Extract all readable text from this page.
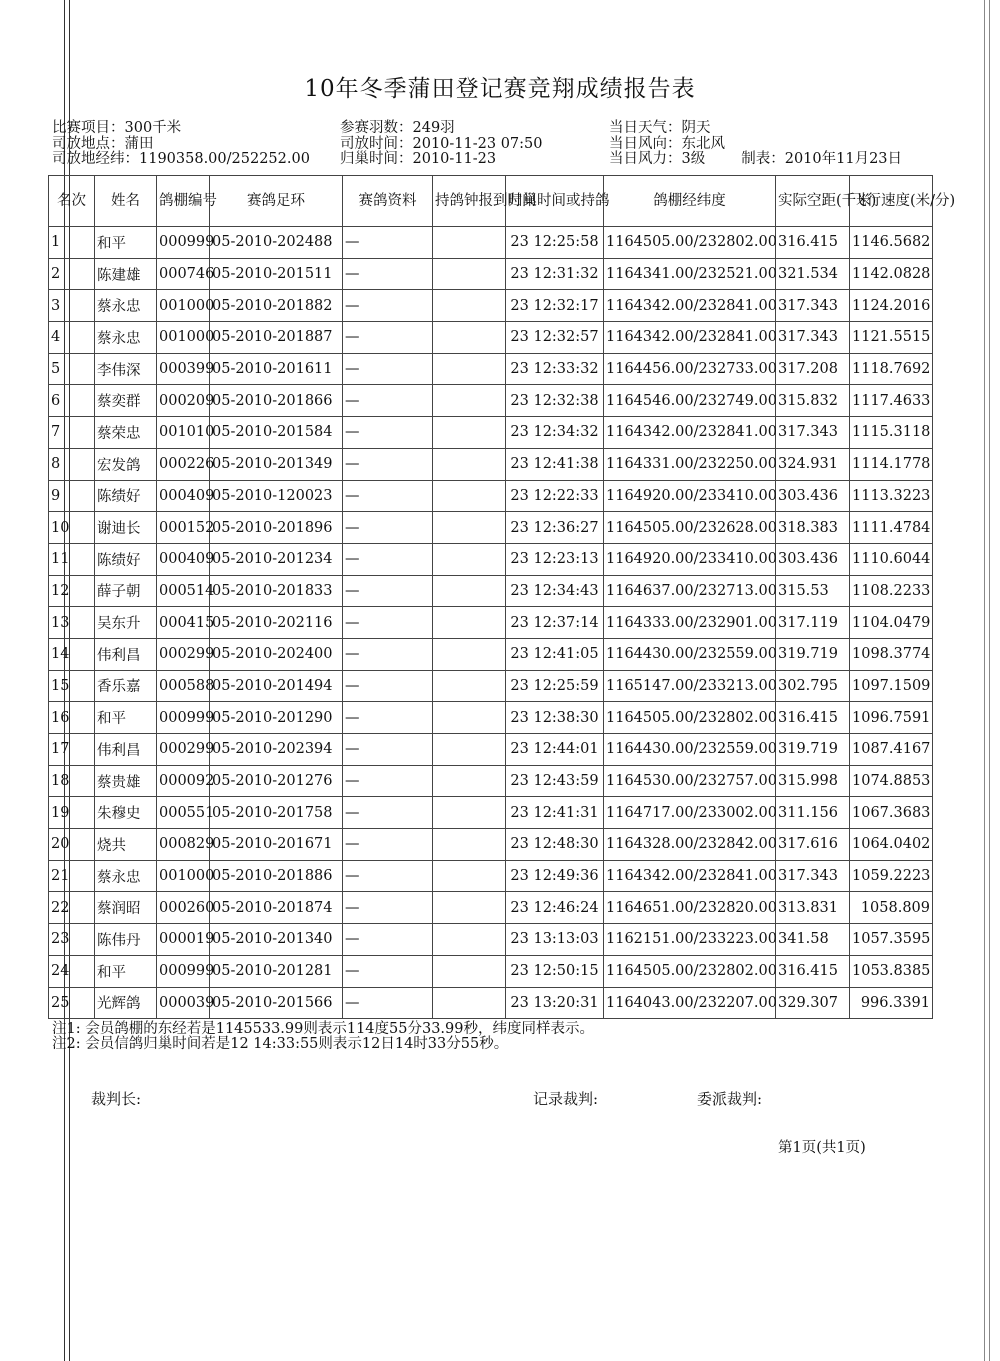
10年冬季蒲田登记赛竞翔成绩报告表
比赛项目：300千米
司放地点：蒲田
司放地经纬：1190358.00/252252.00
参赛羽数：249羽
司放时间：2010-11-23 07:50
归巢时间：2010-11-23
当日天气：阴天
当日风向：东北风
当日风力：3级 制表：2010年11月23日
名次	姓名	鸽棚编号	赛鸽足环	赛鸽资料	持鸽钟报到时间	归巢时间或持鸽	鸽棚经纬度	实际空距(千米)	飞行速度(米/分)
1	和平	000999	05-2010-202488	—		23 12:25:58	1164505.00/232802.00	316.415	1146.5682
2	陈建雄	000746	05-2010-201511	—		23 12:31:32	1164341.00/232521.00	321.534	1142.0828
3	蔡永忠	001000	05-2010-201882	—		23 12:32:17	1164342.00/232841.00	317.343	1124.2016
4	蔡永忠	001000	05-2010-201887	—		23 12:32:57	1164342.00/232841.00	317.343	1121.5515
5	李伟深	000399	05-2010-201611	—		23 12:33:32	1164456.00/232733.00	317.208	1118.7692
6	蔡奕群	000209	05-2010-201866	—		23 12:32:38	1164546.00/232749.00	315.832	1117.4633
7	蔡荣忠	001010	05-2010-201584	—		23 12:34:32	1164342.00/232841.00	317.343	1115.3118
8	宏发鸽	000226	05-2010-201349	—		23 12:41:38	1164331.00/232250.00	324.931	1114.1778
9	陈绩好	000409	05-2010-120023	—		23 12:22:33	1164920.00/233410.00	303.436	1113.3223
10	谢迪长	000152	05-2010-201896	—		23 12:36:27	1164505.00/232628.00	318.383	1111.4784
11	陈绩好	000409	05-2010-201234	—		23 12:23:13	1164920.00/233410.00	303.436	1110.6044
12	薛子朝	000514	05-2010-201833	—		23 12:34:43	1164637.00/232713.00	315.53	1108.2233
13	吴东升	000415	05-2010-202116	—		23 12:37:14	1164333.00/232901.00	317.119	1104.0479
14	伟利昌	000299	05-2010-202400	—		23 12:41:05	1164430.00/232559.00	319.719	1098.3774
15	香乐嘉	000588	05-2010-201494	—		23 12:25:59	1165147.00/233213.00	302.795	1097.1509
16	和平	000999	05-2010-201290	—		23 12:38:30	1164505.00/232802.00	316.415	1096.7591
17	伟利昌	000299	05-2010-202394	—		23 12:44:01	1164430.00/232559.00	319.719	1087.4167
18	蔡贵雄	000092	05-2010-201276	—		23 12:43:59	1164530.00/232757.00	315.998	1074.8853
19	朱穆史	000551	05-2010-201758	—		23 12:41:31	1164717.00/233002.00	311.156	1067.3683
20	烧共	000829	05-2010-201671	—		23 12:48:30	1164328.00/232842.00	317.616	1064.0402
21	蔡永忠	001000	05-2010-201886	—		23 12:49:36	1164342.00/232841.00	317.343	1059.2223
22	蔡润昭	000260	05-2010-201874	—		23 12:46:24	1164651.00/232820.00	313.831	1058.809
23	陈伟丹	000019	05-2010-201340	—		23 13:13:03	1162151.00/233223.00	341.58	1057.3595
24	和平	000999	05-2010-201281	—		23 12:50:15	1164505.00/232802.00	316.415	1053.8385
25	光辉鸽	000039	05-2010-201566	—		23 13:20:31	1164043.00/232207.00	329.307	996.3391
注1: 会员鸽棚的东经若是1145533.99则表示114度55分33.99秒，纬度同样表示。
注2: 会员信鸽归巢时间若是12 14:33:55则表示12日14时33分55秒。
裁判长:	记录裁判:	委派裁判:
第1页(共1页)
